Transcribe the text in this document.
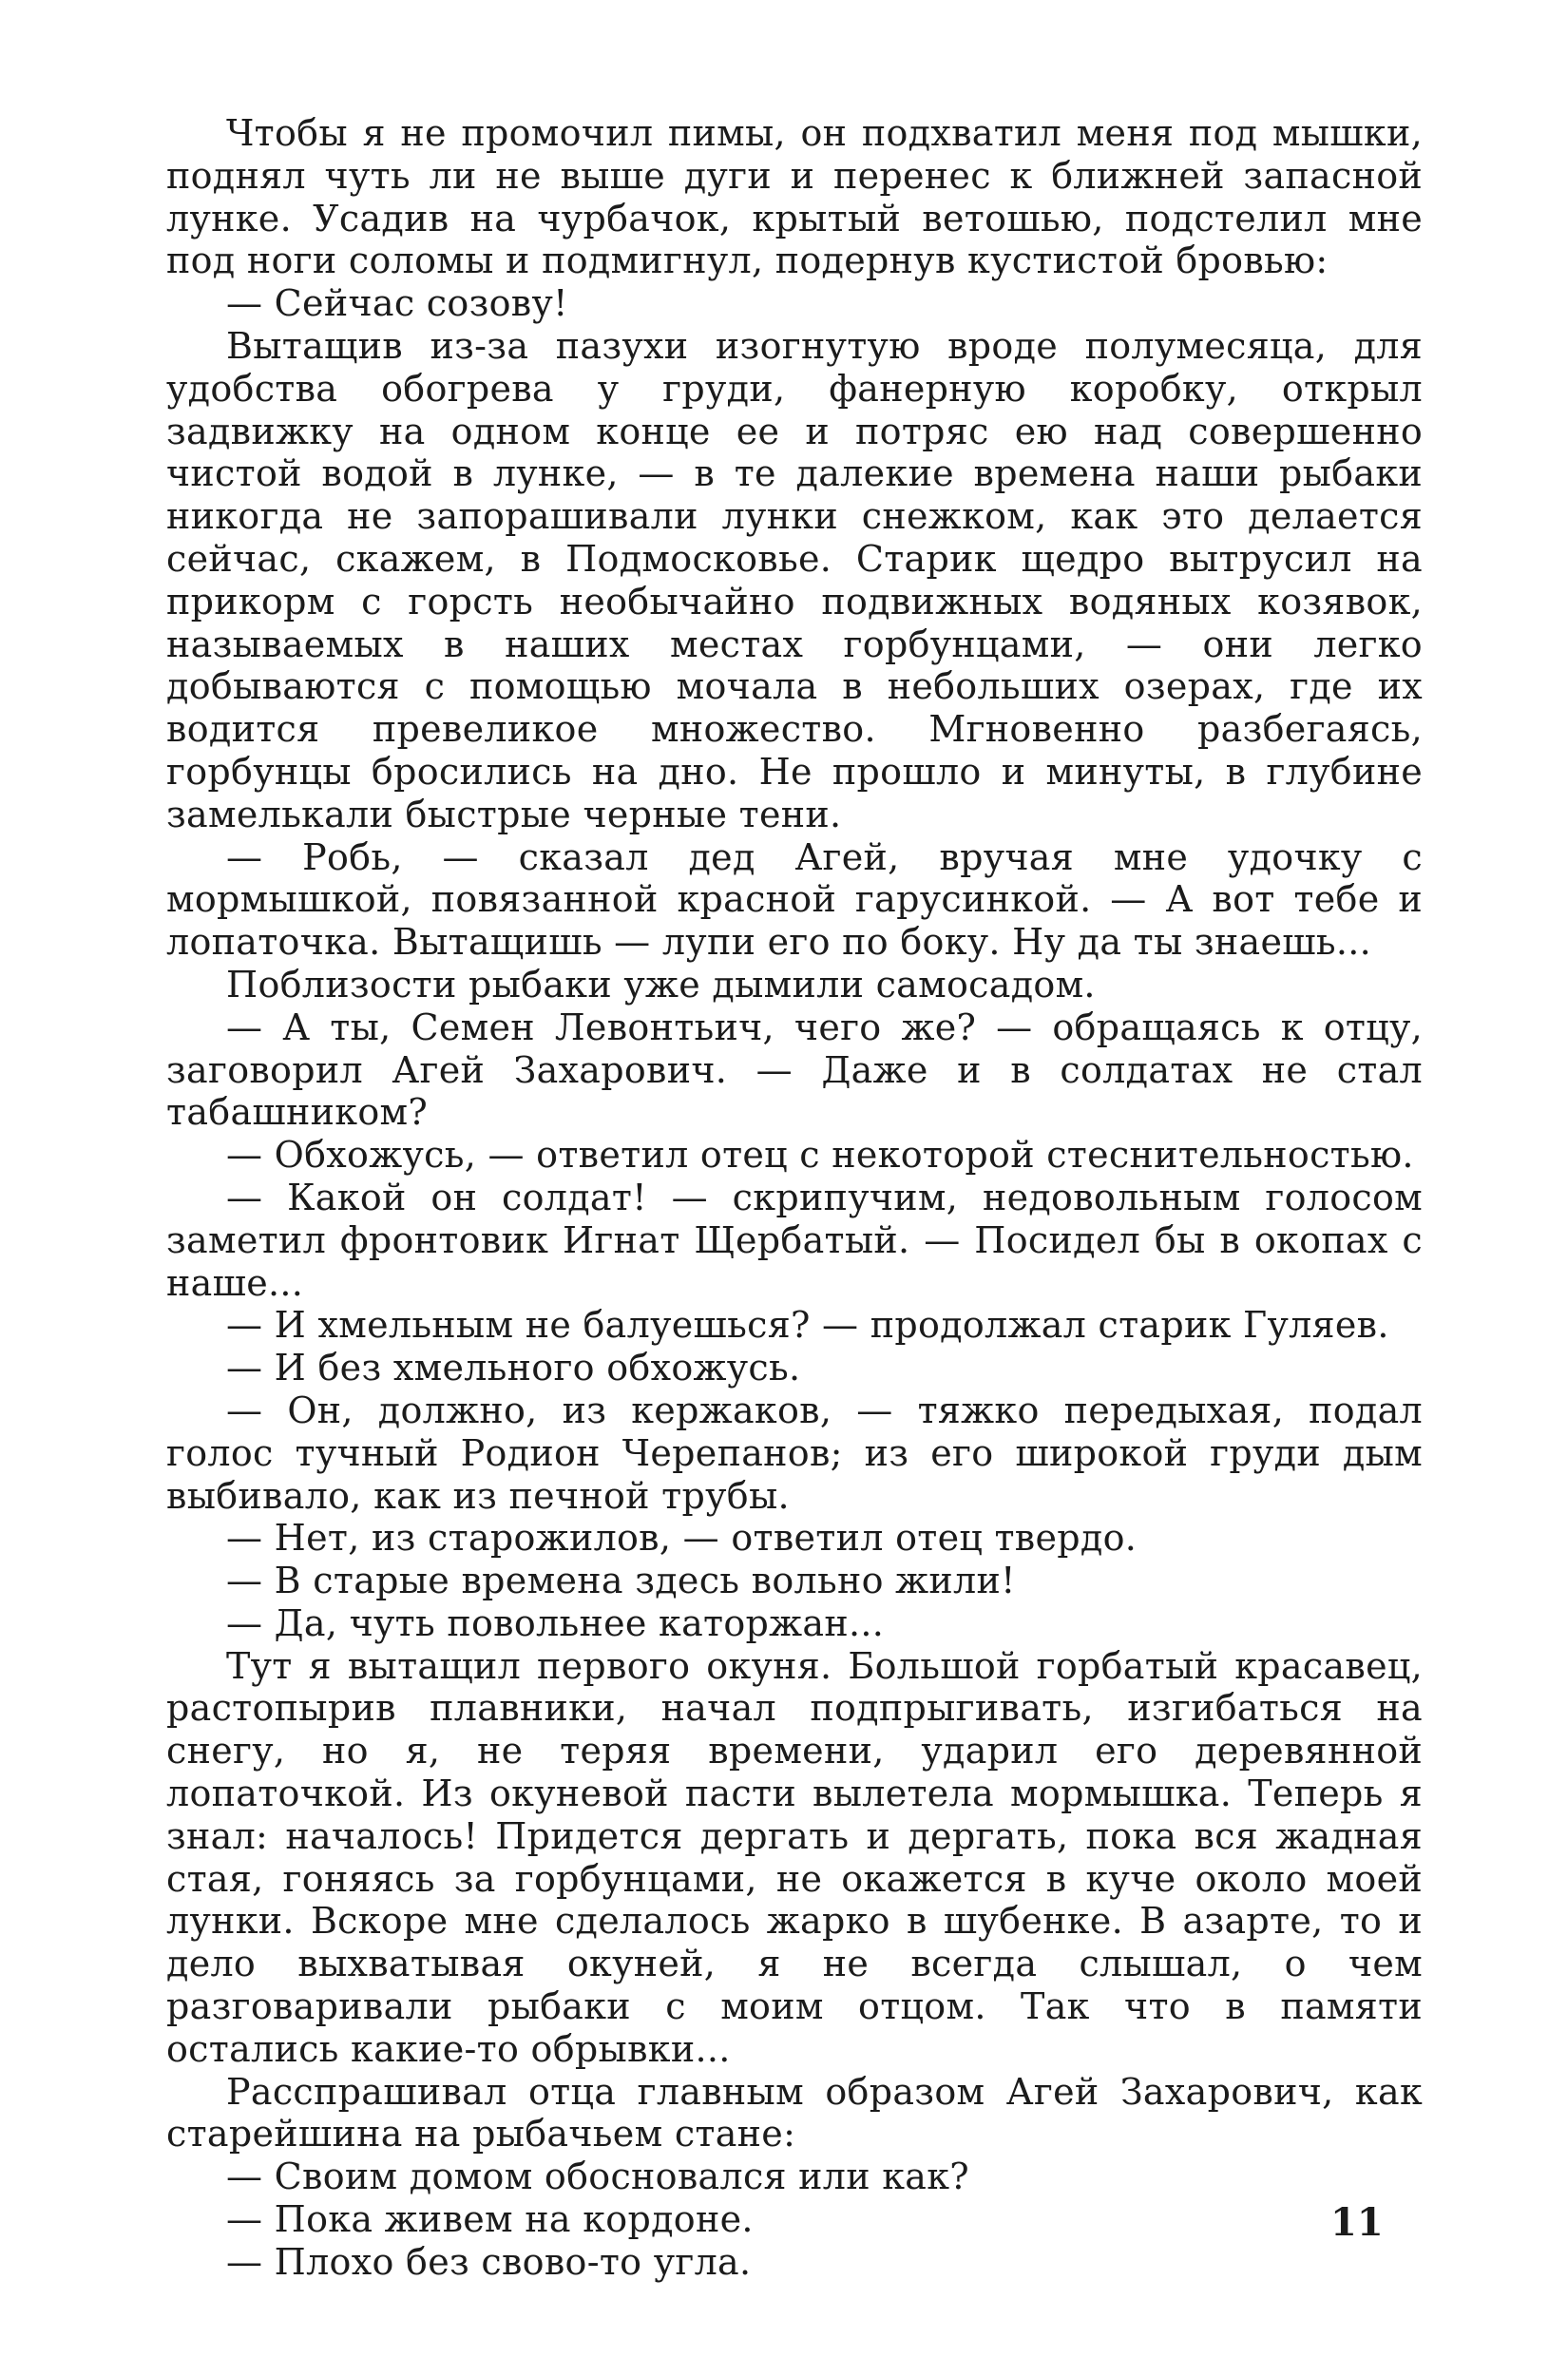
Чтобы я не промочил пимы, он подхватил меня под мышки, поднял чуть ли не выше дуги и перенес к ближней запасной лунке. Усадив на чурбачок, крытый ветошью, подстелил мне под ноги соломы и подмигнул, подернув кустистой бровью:

— Сейчас созову!

Вытащив из-за пазухи изогнутую вроде полумесяца, для удобства обогрева у груди, фанерную коробку, открыл задвижку на одном конце ее и потряс ею над совершенно чистой водой в лунке, — в те далекие времена наши рыбаки никогда не запорашивали лунки снежком, как это делается сейчас, скажем, в Подмосковье. Старик щедро вытрусил на прикорм с горсть необычайно подвижных водяных козявок, называемых в наших местах горбунцами, — они легко добываются с помощью мочала в небольших озерах, где их водится превеликое множество. Мгновенно разбегаясь, горбунцы бросились на дно. Не прошло и минуты, в глубине замелькали быстрые черные тени.

— Робь, — сказал дед Агей, вручая мне удочку с мормышкой, повязанной красной гарусинкой. — А вот тебе и лопаточка. Вытащишь — лупи его по боку. Ну да ты знаешь...

Поблизости рыбаки уже дымили самосадом.

— А ты, Семен Левонтьич, чего же? — обращаясь к отцу, заговорил Агей Захарович. — Даже и в солдатах не стал табашником?

— Обхожусь, — ответил отец с некоторой стеснительностью.

— Какой он солдат! — скрипучим, недовольным голосом заметил фронтовик Игнат Щербатый. — Посидел бы в окопах с наше...

— И хмельным не балуешься? — продолжал старик Гуляев.

— И без хмельного обхожусь.

— Он, должно, из кержаков, — тяжко передыхая, подал голос тучный Родион Черепанов; из его широкой груди дым выбивало, как из печной трубы.

— Нет, из старожилов, — ответил отец твердо.

— В старые времена здесь вольно жили!

— Да, чуть повольнее каторжан...

Тут я вытащил первого окуня. Большой горбатый красавец, растопырив плавники, начал подпрыгивать, изгибаться на снегу, но я, не теряя времени, ударил его деревянной лопаточкой. Из окуневой пасти вылетела мормышка. Теперь я знал: началось! Придется дергать и дергать, пока вся жадная стая, гоняясь за горбунцами, не окажется в куче около моей лунки. Вскоре мне сделалось жарко в шубенке. В азарте, то и дело выхватывая окуней, я не всегда слышал, о чем разговаривали рыбаки с моим отцом. Так что в памяти остались какие-то обрывки...

Расспрашивал отца главным образом Агей Захарович, как старейшина на рыбачьем стане:

— Своим домом обосновался или как?

— Пока живем на кордоне.

— Плохо без свово-то угла.

11
